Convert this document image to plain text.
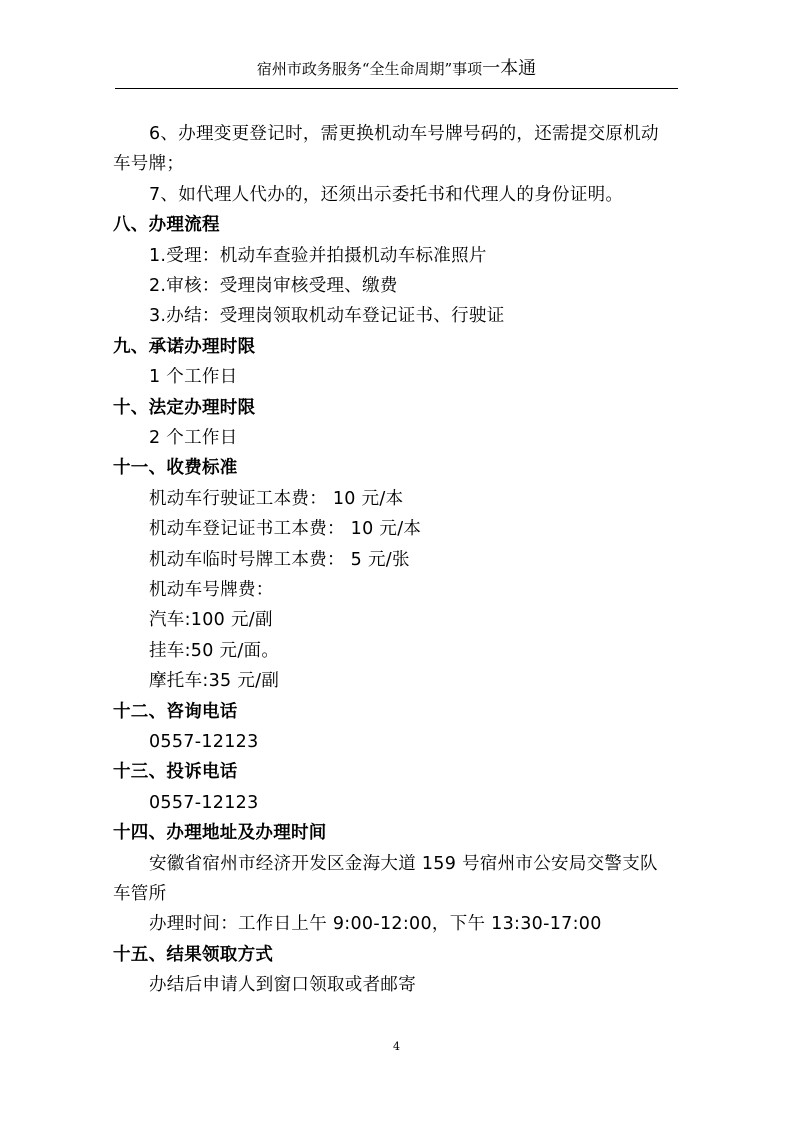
宿州市政务服务“全生命周期”事项一本通
6、办理变更登记时，需更换机动车号牌号码的，还需提交原机动
车号牌；
7、如代理人代办的，还须出示委托书和代理人的身份证明。
八、办理流程
1.受理：机动车查验并拍摄机动车标准照片
2.审核：受理岗审核受理、缴费
3.办结：受理岗领取机动车登记证书、行驶证
九、承诺办理时限
1 个工作日
十、法定办理时限
2 个工作日
十一、收费标准
机动车行驶证工本费： 10 元/本
机动车登记证书工本费： 10 元/本
机动车临时号牌工本费： 5 元/张
机动车号牌费：
汽车:100 元/副
挂车:50 元/面。
摩托车:35 元/副
十二、咨询电话
0557-12123
十三、投诉电话
0557-12123
十四、办理地址及办理时间
安徽省宿州市经济开发区金海大道 159 号宿州市公安局交警支队
车管所
办理时间：工作日上午 9:00-12:00，下午 13:30-17:00
十五、结果领取方式
办结后申请人到窗口领取或者邮寄
4
